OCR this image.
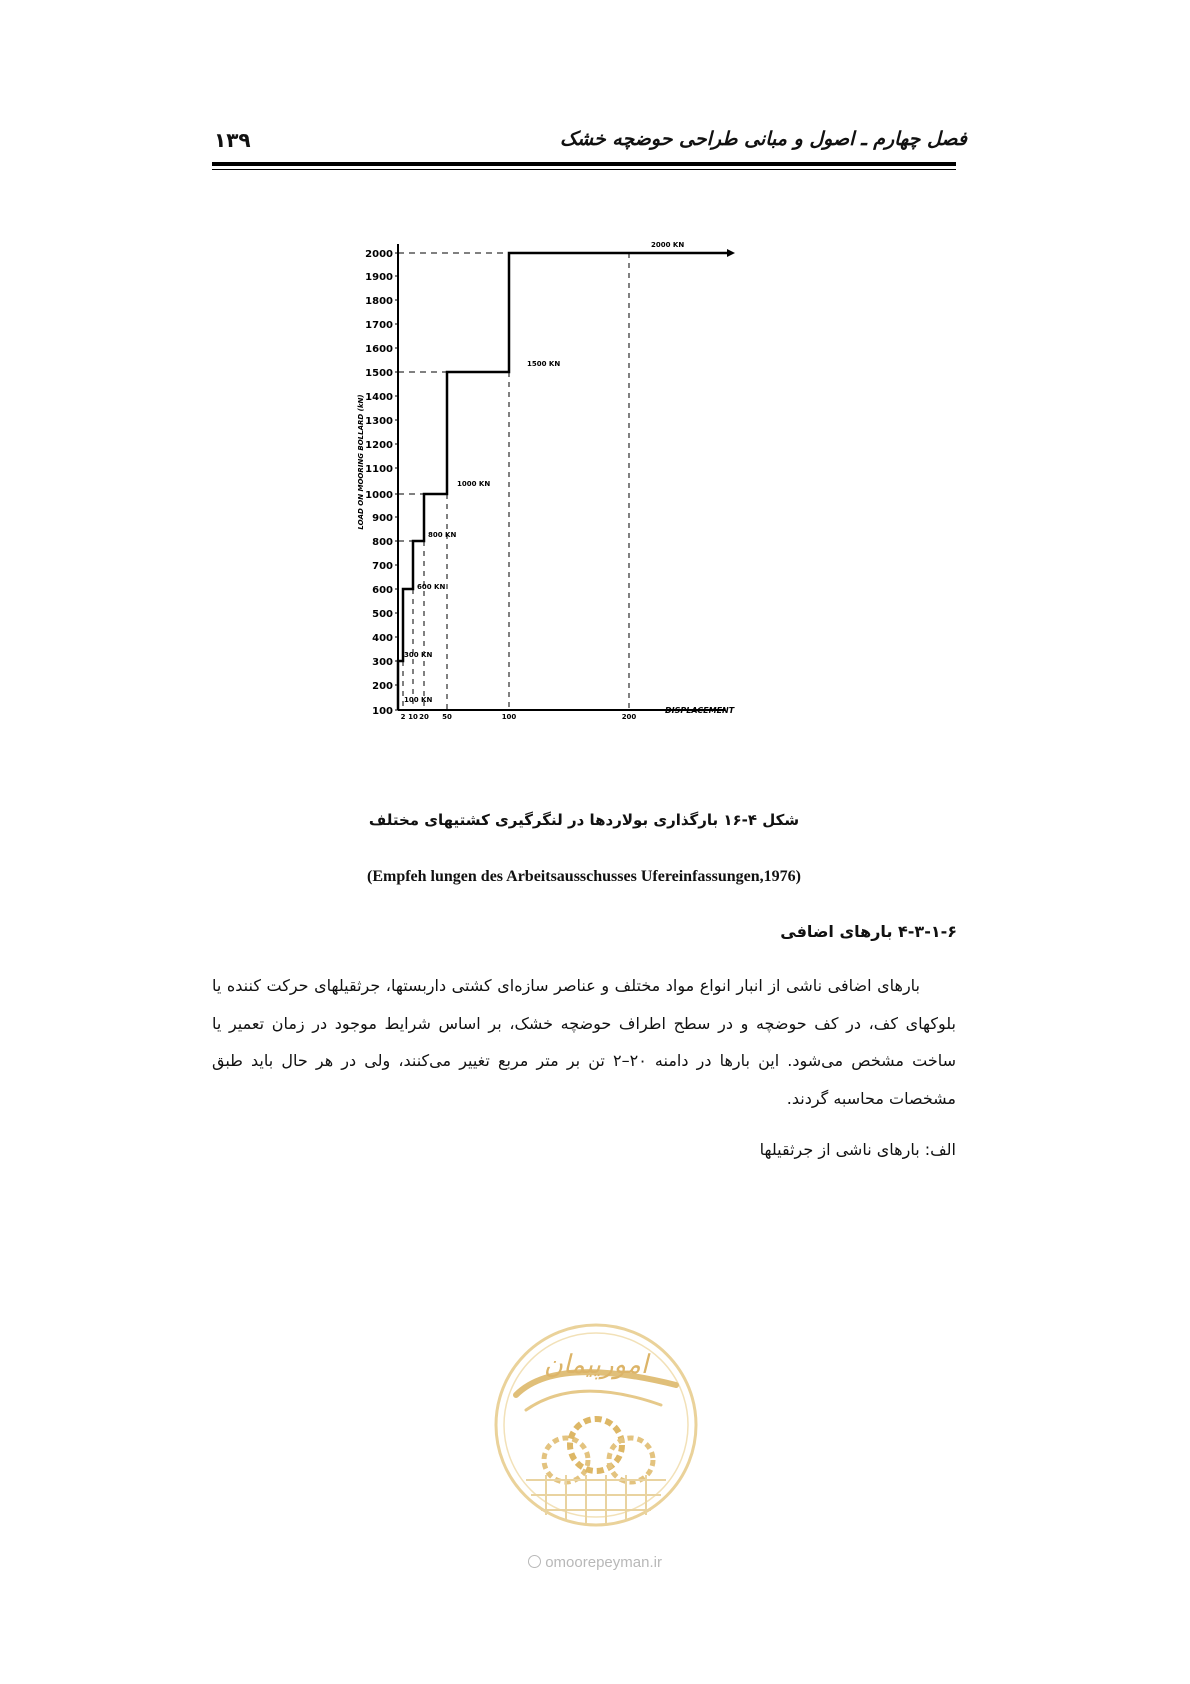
فصل چهارم ـ اصول و مبانی طراحی حوضچه خشک
۱۳۹
100
200
300
400
500
600
700
800
900
1000
1100
1200
1300
1400
1500
1600
1700
1800
1900
2000
2 10 20 50	100	200
LOAD ON MOORING BOLLARD (kN)
DISPLACEMENT
100 KN
300 KN
600 KN
800 KN
1000 KN
1500 KN
2000 KN
شکل ۴-۱۶ بارگذاری بولاردها در لنگرگیری کشتیهای مختلف
(Empfeh lungen des Arbeitsausschusses Ufereinfassungen,1976)
۴-۳-۱-۶ بارهای اضافی

بارهای اضافی ناشی از انبار انواع مواد مختلف و عناصر سازه‌ای کشتی داربستها، جرثقیلهای حرکت کننده یا بلوکهای کف، در کف حوضچه و در سطح اطراف حوضچه خشک، بر اساس شرایط موجود در زمان تعمیر یا ساخت مشخص می‌شود. این بارها در دامنه ۲۰–۲ تن بر متر مربع تغییر می‌کنند، ولی در هر حال باید طبق مشخصات محاسبه گردند.

الف: بارهای ناشی از جرثقیلها
امورپیمان
omoorepeyman.ir
